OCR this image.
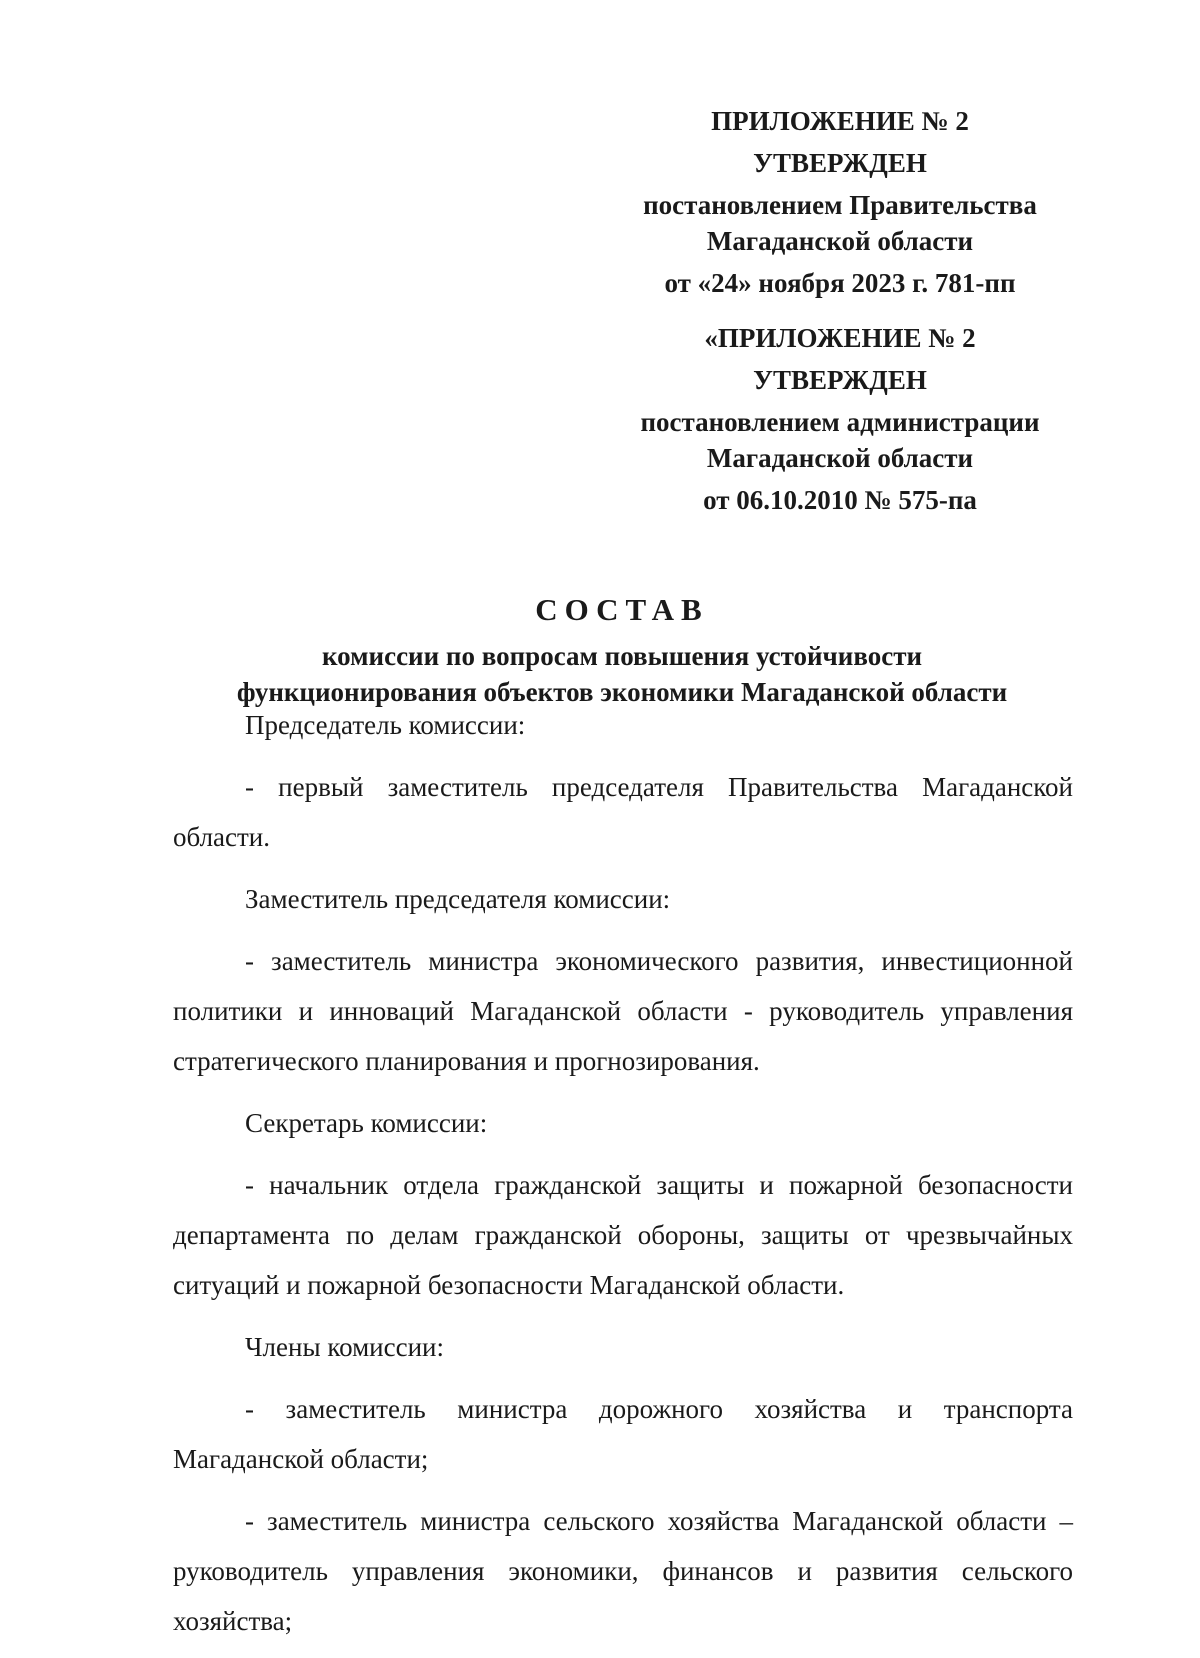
ПРИЛОЖЕНИЕ № 2
УТВЕРЖДЕН
постановлением Правительства
Магаданской области
от «24» ноября 2023 г. 781-пп
«ПРИЛОЖЕНИЕ № 2
УТВЕРЖДЕН
постановлением администрации
Магаданской области
от 06.10.2010 № 575-па
СОСТАВ
комиссии по вопросам повышения устойчивости
функционирования объектов экономики Магаданской области

Председатель комиссии:

- первый заместитель председателя Правительства Магаданской области.

Заместитель председателя комиссии:

- заместитель министра экономического развития, инвестиционной политики и инноваций Магаданской области - руководитель управления стратегического планирования и прогнозирования.

Секретарь комиссии:

- начальник отдела гражданской защиты и пожарной безопасности департамента по делам гражданской обороны, защиты от чрезвычайных ситуаций и пожарной безопасности Магаданской области.

Члены комиссии:

- заместитель министра дорожного хозяйства и транспорта Магаданской области;

- заместитель министра сельского хозяйства Магаданской области – руководитель управления экономики, финансов и развития сельского хозяйства;
